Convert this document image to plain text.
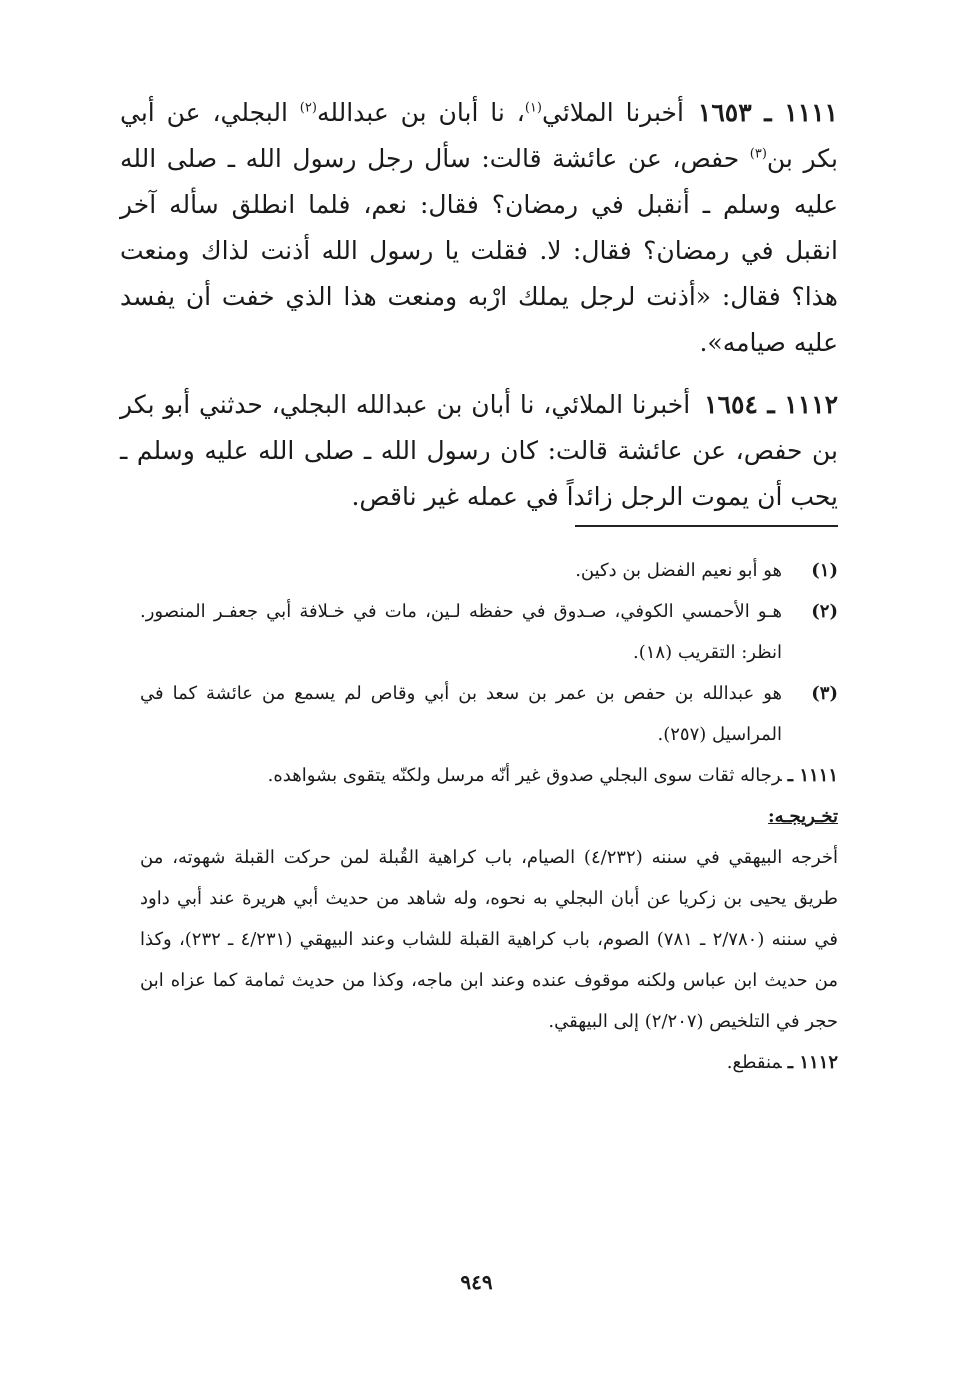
١١١١ ـ ١٦٥٣أخبرنا الملائي$^{(١)}$، نا أبان بن عبدالله$^{(٢)}$ البجلي، عن أبي بكر بن$^{(٣)}$ حفص، عن عائشة قالت: سأل رجل رسول الله ـ صلى الله عليه وسلم ـ أنقبل في رمضان؟ فقال: نعم، فلما انطلق سأله آخر انقبل في رمضان؟ فقال: لا. فقلت يا رسول الله أذنت لذاك ومنعت هذا؟ فقال: «أذنت لرجل يملك ارْبه ومنعت هذا الذي خفت أن يفسد عليه صيامه».

١١١٢ ـ ١٦٥٤أخبرنا الملائي، نا أبان بن عبدالله البجلي، حدثني أبو بكر بن حفص، عن عائشة قالت: كان رسول الله ـ صلى الله عليه وسلم ـ يحب أن يموت الرجل زائداً في عمله غير ناقص.

(١)
هو أبو نعيم الفضل بن دكين.
(٢)
هـو الأحمسي الكوفي، صـدوق في حفظه لـين، مات في خـلافة أبي جعفـر المنصور. انظر: التقريب (١٨).
(٣)
هو عبدالله بن حفص بن عمر بن سعد بن أبي وقاص لم يسمع من عائشة كما في المراسيل (٢٥٧).

١١١١ ـرجاله ثقات سوى البجلي صدوق غير أنّه مرسل ولكنّه يتقوى بشواهده.

تخـريجـه:

أخرجه البيهقي في سننه (٤/٢٣٢) الصيام، باب كراهية القُبلة لمن حركت القبلة شهوته، من طريق يحيى بن زكريا عن أبان البجلي به نحوه، وله شاهد من حديث أبي هريرة عند أبي داود في سننه (٢/٧٨٠ ـ ٧٨١) الصوم، باب كراهية القبلة للشاب وعند البيهقي (٤/٢٣١ ـ ٢٣٢)، وكذا من حديث ابن عباس ولكنه موقوف عنده وعند ابن ماجه، وكذا من حديث ثمامة كما عزاه ابن حجر في التلخيص (٢/٢٠٧) إلى البيهقي.

١١١٢ ـمنقطع.

٩٤٩
